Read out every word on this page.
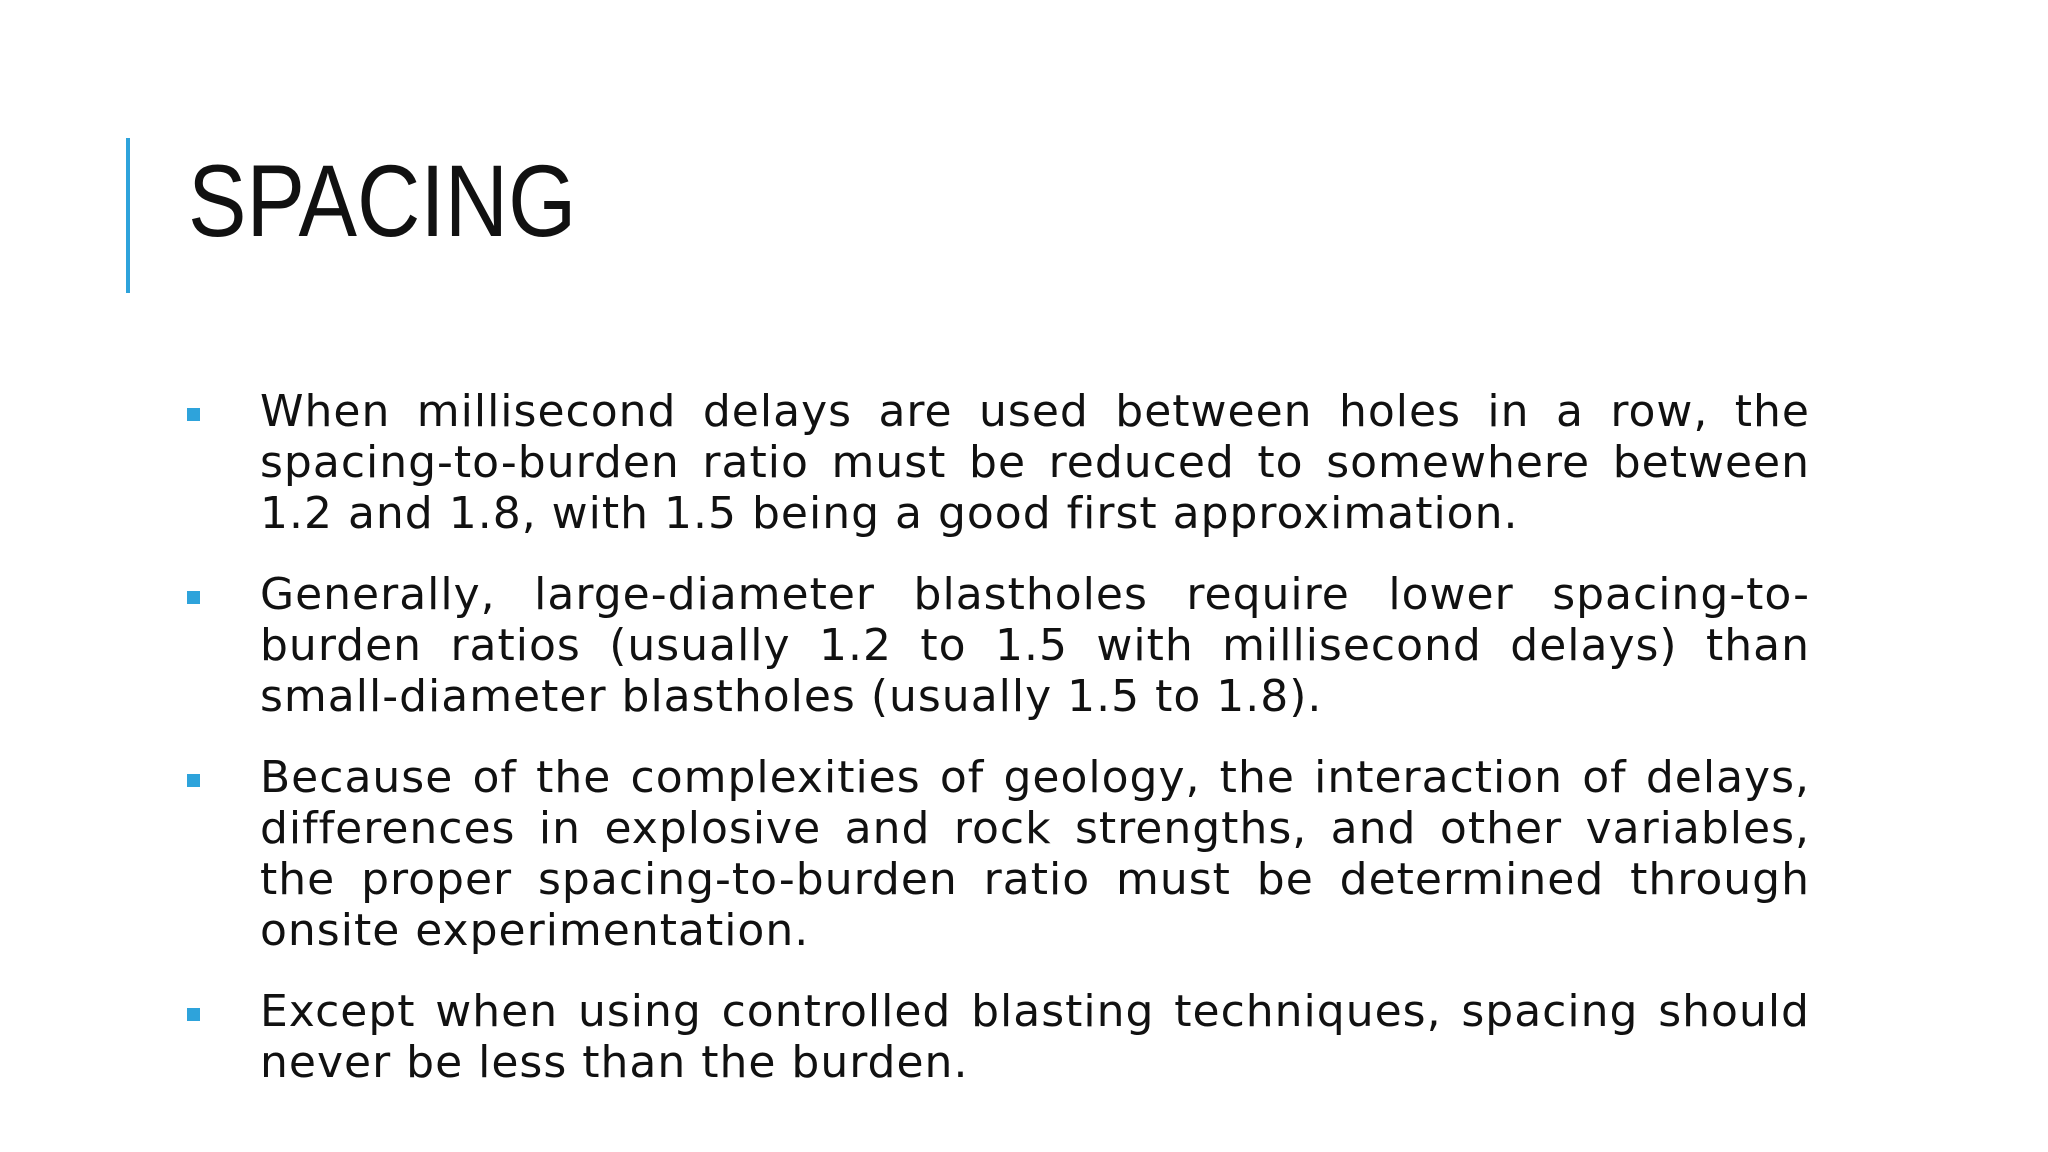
SPACING
When millisecond delays are used between holes in a row, the spacing-to-burden ratio must be reduced to somewhere between 1.2 and 1.8, with 1.5 being a good first approximation.
Generally, large-diameter blastholes require lower spacing-to-burden ratios (usually 1.2 to 1.5 with millisecond delays) than small-diameter blastholes (usually 1.5 to 1.8).
Because of the complexities of geology, the interaction of delays, differences in explosive and rock strengths, and other variables, the proper spacing-to-burden ratio must be determined through onsite experimentation.
Except when using controlled blasting techniques, spacing should never be less than the burden.
